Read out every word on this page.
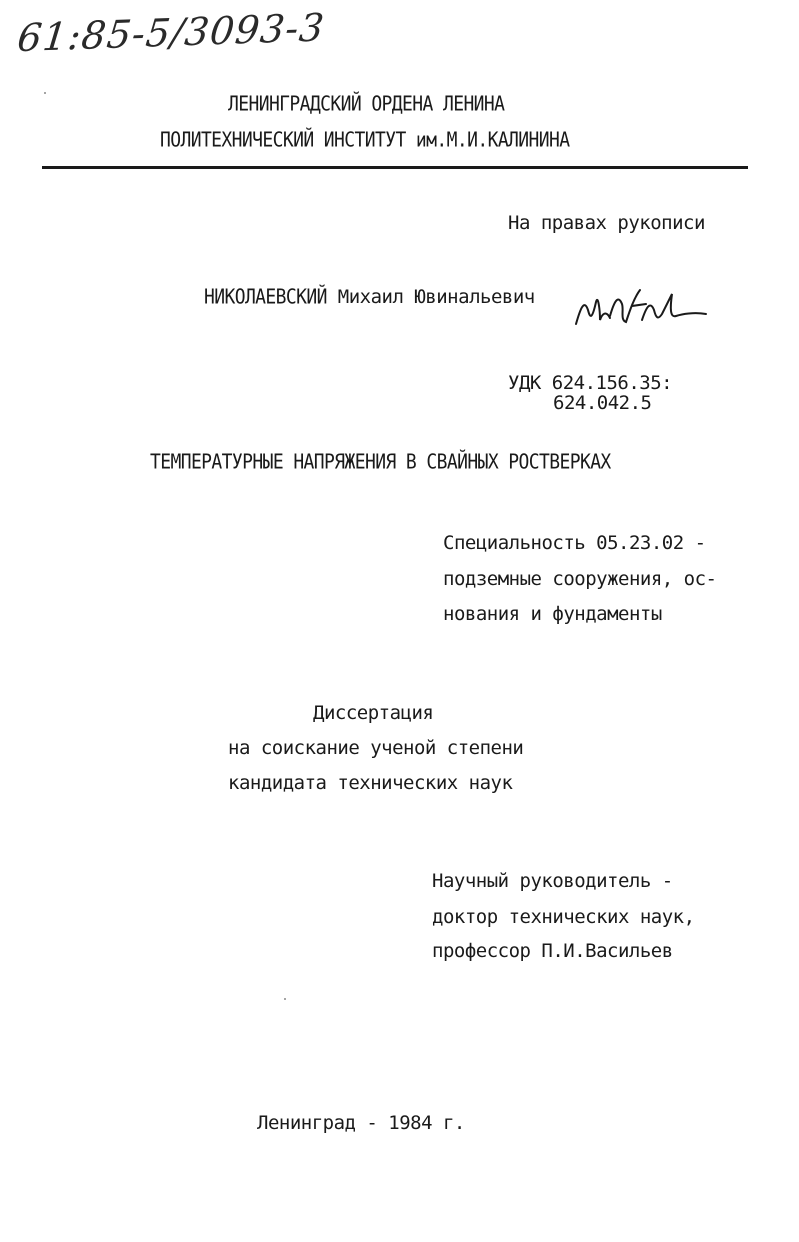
61:85-5/3093-3
ЛЕНИНГРАДСКИЙ ОРДЕНА ЛЕНИНА
ПОЛИТЕХНИЧЕСКИЙ ИНСТИТУТ им.М.И.КАЛИНИНА
На правах рукописи
НИКОЛАЕВСКИЙ Михаил Ювинальевич
УДК 624.156.35:
624.042.5
ТЕМПЕРАТУРНЫЕ НАПРЯЖЕНИЯ В СВАЙНЫХ РОСТВЕРКАХ
Специальность 05.23.02 -
подземные сооружения, ос-
нования и фундаменты
Диссертация
на соискание ученой степени
кандидата технических наук
Научный руководитель -
доктор технических наук,
профессор П.И.Васильев
Ленинград - 1984 г.
